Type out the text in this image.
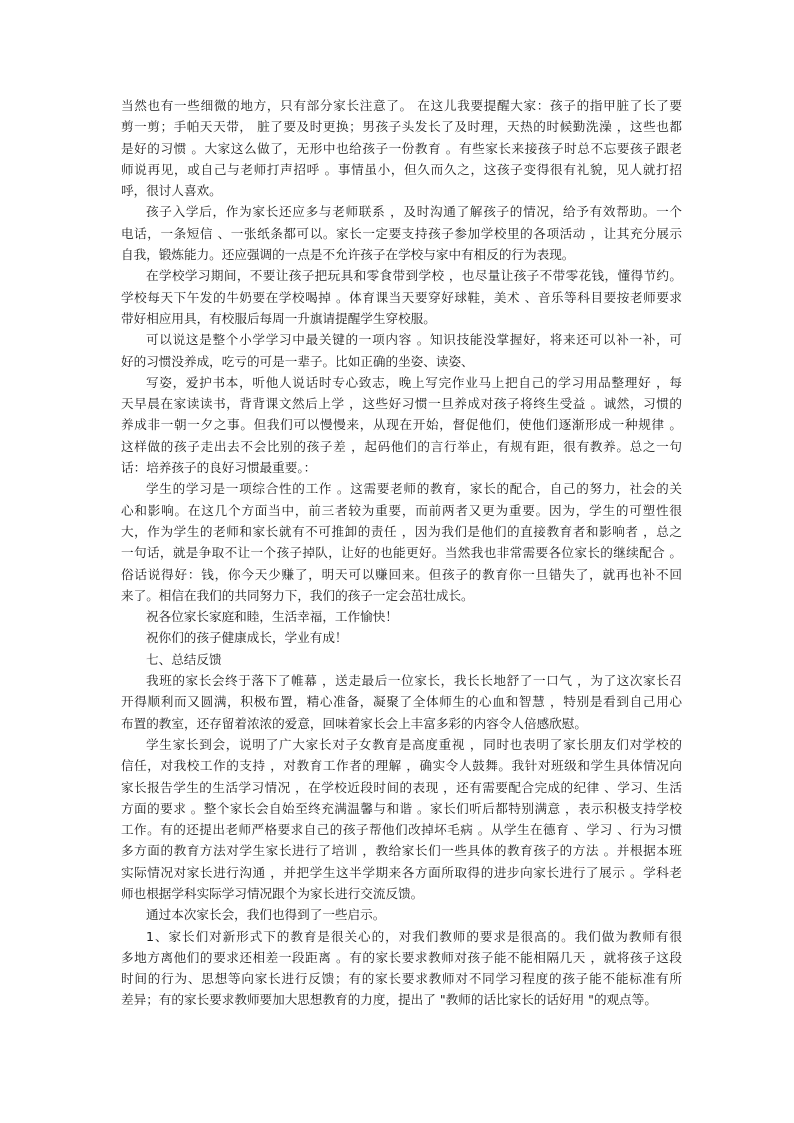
当然也有一些细微的地方，只有部分家长注意了。 在这儿我要提醒大家：孩子的指甲脏了长了要
剪一剪；手帕天天带， 脏了要及时更换；男孩子头发长了及时理，天热的时候勤洗澡 ，这些也都
是好的习惯 。大家这么做了，无形中也给孩子一份教育 。有些家长来接孩子时总不忘要孩子跟老
师说再见，或自己与老师打声招呼 。事情虽小，但久而久之，这孩子变得很有礼貌，见人就打招
呼，很讨人喜欢。
孩子入学后，作为家长还应多与老师联系 ，及时沟通了解孩子的情况，给予有效帮助。一个
电话，一条短信 、一张纸条都可以。家长一定要支持孩子参加学校里的各项活动 ，让其充分展示
自我，锻炼能力。还应强调的一点是不允许孩子在学校与家中有相反的行为表现。
在学校学习期间，不要让孩子把玩具和零食带到学校 ，也尽量让孩子不带零花钱，懂得节约。
学校每天下午发的牛奶要在学校喝掉 。体育课当天要穿好球鞋，美术 、音乐等科目要按老师要求
带好相应用具，有校服后每周一升旗请提醒学生穿校服。
可以说这是整个小学学习中最关键的一项内容 。知识技能没掌握好，将来还可以补一补，可
好的习惯没养成，吃亏的可是一辈子。比如正确的坐姿、读姿、
写姿，爱护书本，听他人说话时专心致志，晚上写完作业马上把自己的学习用品整理好 ，每
天早晨在家读读书，背背课文然后上学 ，这些好习惯一旦养成对孩子将终生受益 。诚然，习惯的
养成非一朝一夕之事。但我们可以慢慢来，从现在开始，督促他们，使他们逐渐形成一种规律 。
这样做的孩子走出去不会比别的孩子差 ，起码他们的言行举止，有规有距，很有教养。总之一句
话：培养孩子的良好习惯最重要。：
学生的学习是一项综合性的工作 。这需要老师的教育，家长的配合，自己的努力，社会的关
心和影响。在这几个方面当中，前三者较为重要，而前两者又更为重要。因为，学生的可塑性很
大，作为学生的老师和家长就有不可推卸的责任 ，因为我们是他们的直接教育者和影响者 ，总之
一句话，就是争取不让一个孩子掉队，让好的也能更好。当然我也非常需要各位家长的继续配合 。
俗话说得好：钱，你今天少赚了，明天可以赚回来。但孩子的教育你一旦错失了，就再也补不回
来了。相信在我们的共同努力下，我们的孩子一定会茁壮成长。
祝各位家长家庭和睦，生活幸福，工作愉快！
祝你们的孩子健康成长，学业有成！
七、总结反馈
我班的家长会终于落下了帷幕 ，送走最后一位家长，我长长地舒了一口气 ，为了这次家长召
开得顺利而又圆满，积极布置，精心准备，凝聚了全体师生的心血和智慧 ，特别是看到自己用心
布置的教室，还存留着浓浓的爱意，回味着家长会上丰富多彩的内容令人倍感欣慰。
学生家长到会，说明了广大家长对子女教育是高度重视 ，同时也表明了家长朋友们对学校的
信任，对我校工作的支持 ，对教育工作者的理解 ，确实令人鼓舞。我针对班级和学生具体情况向
家长报告学生的生活学习情况 ，在学校近段时间的表现 ，还有需要配合完成的纪律 、学习、生活
方面的要求 。整个家长会自始至终充满温馨与和谐 。家长们听后都特别满意 ，表示积极支持学校
工作。有的还提出老师严格要求自己的孩子帮他们改掉坏毛病 。从学生在德育 、学习 、行为习惯
多方面的教育方法对学生家长进行了培训 ，教给家长们一些具体的教育孩子的方法 。并根据本班
实际情况对家长进行沟通 ，并把学生这半学期来各方面所取得的进步向家长进行了展示 。学科老
师也根据学科实际学习情况跟个为家长进行交流反馈。
通过本次家长会，我们也得到了一些启示。
1、家长们对新形式下的教育是很关心的，对我们教师的要求是很高的。我们做为教师有很
多地方离他们的要求还相差一段距离 。有的家长要求教师对孩子能不能相隔几天 ，就将孩子这段
时间的行为、思想等向家长进行反馈；有的家长要求教师对不同学习程度的孩子能不能标准有所
差异；有的家长要求教师要加大思想教育的力度，提出了 "教师的话比家长的话好用 "的观点等。
